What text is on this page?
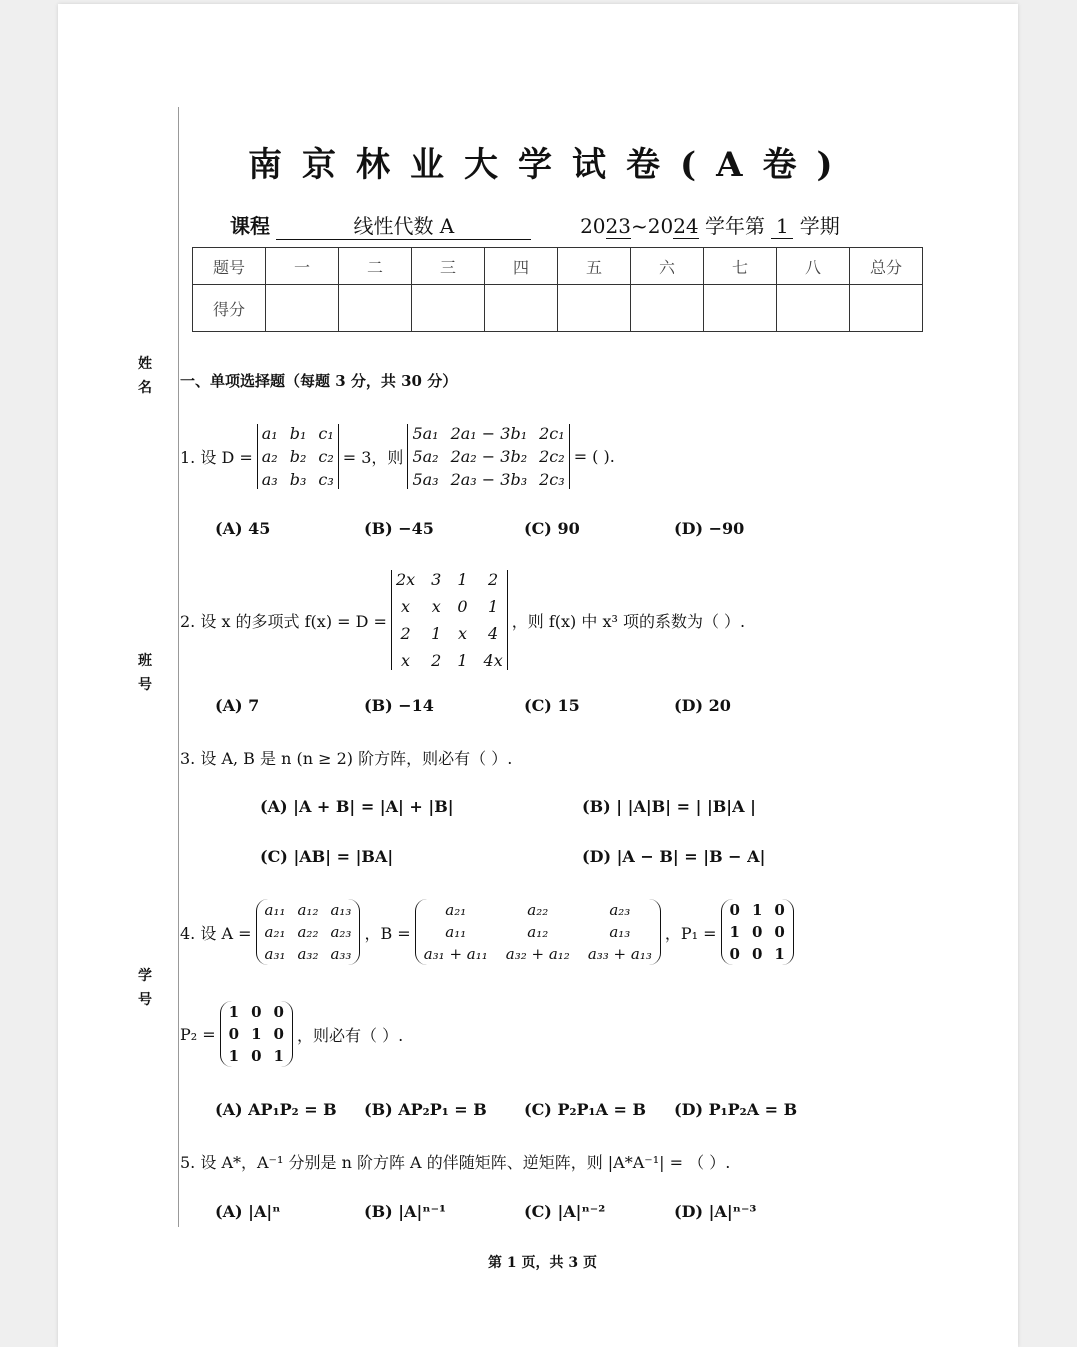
姓 名
班 号
学 号
南京林业大学试卷(A卷)
课程	线性代数 A	2023~2024 学年第 1 学期
题号	一	二	三	四	五	六	七	八	总分
得分									
一、单项选择题（每题 3 分，共 30 分）
1. 设 D =
a₁ b₁ c₁
a₂ b₂ c₂
a₃ b₃ c₃
= 3，则
5a₁ 2a₁ − 3b₁ 2c₁
5a₂ 2a₂ − 3b₂ 2c₂
5a₃ 2a₃ − 3b₃ 2c₃
= ( ).
(A) 45	(B) −45	(C) 90	(D) −90
2. 设 x 的多项式 f(x) = D =
2x 3 1 2
x	x 0 1
2 1 x 4
x	2 1 4x
，则 f(x) 中 x³ 项的系数为（ ）.
(A) 7	(B) −14	(C) 15	(D) 20
3. 设 A, B 是 n (n ≥ 2) 阶方阵，则必有（ ）.
(A) |A + B| = |A| + |B|	(B) | |A|B| = | |B|A |
(C) |AB| = |BA|	(D) |A − B| = |B − A|
4. 设 A =
a₁₁ a₁₂ a₁₃
a₂₁ a₂₂ a₂₃
a₃₁ a₃₂ a₃₃
，B =
a₂₁	a₂₂	a₂₃
a₁₁	a₁₂	a₁₃
a₃₁ + a₁₁ a₃₂ + a₁₂ a₃₃ + a₁₃
，P₁ =
0 1 0
1 0 0
0 0 1
P₂ =
1 0 0
0 1 0
1 0 1
，则必有（ ）.
(A) AP₁P₂ = B (B) AP₂P₁ = B (C) P₂P₁A = B (D) P₁P₂A = B
5. 设 A*，A⁻¹ 分别是 n 阶方阵 A 的伴随矩阵、逆矩阵，则 |A*A⁻¹| = （ ）.
(A) |A|ⁿ	(B) |A|ⁿ⁻¹	(C) |A|ⁿ⁻²	(D) |A|ⁿ⁻³
第 1 页，共 3 页
